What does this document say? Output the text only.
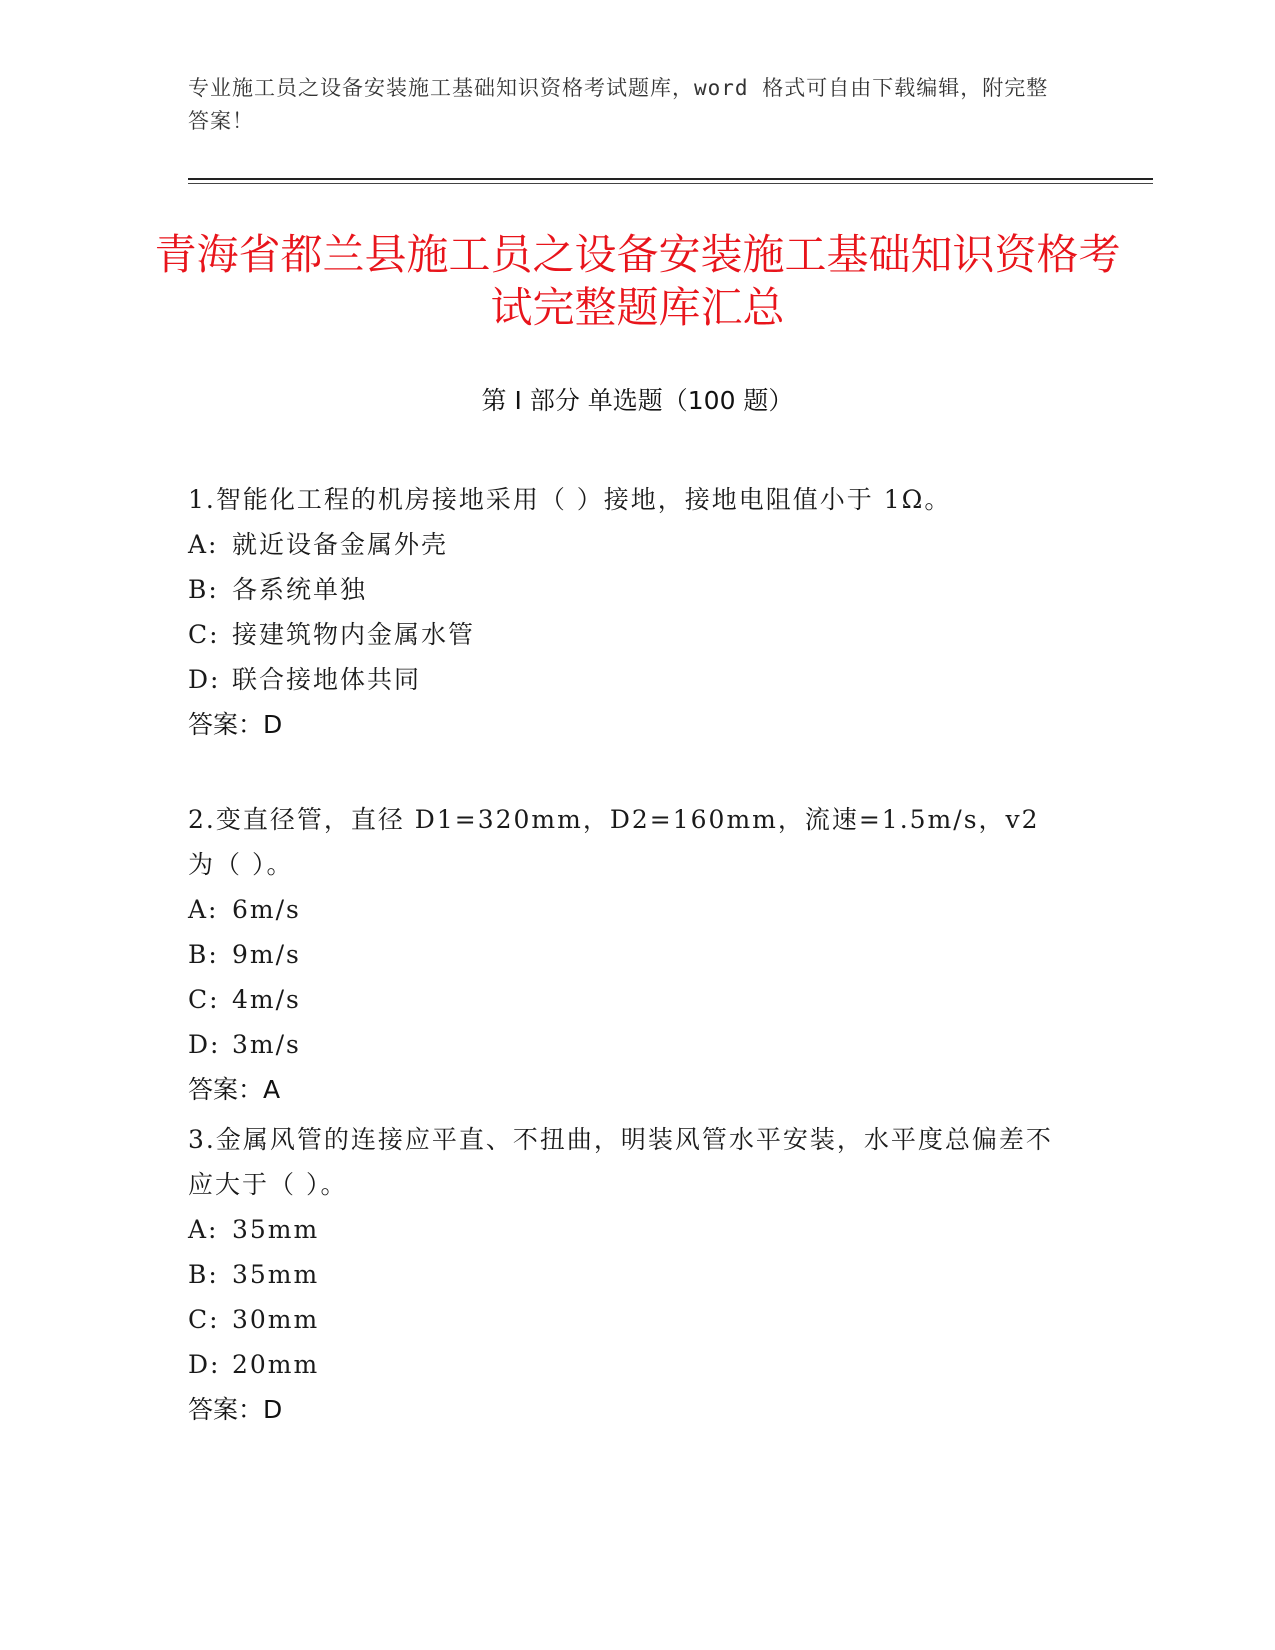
专业施工员之设备安装施工基础知识资格考试题库，word 格式可自由下载编辑，附完整答案！

青海省都兰县施工员之设备安装施工基础知识资格考试完整题库汇总
第 I 部分 单选题（100 题）

1.智能化工程的机房接地采用（ ）接地，接地电阻值小于 1Ω。

A: 就近设备金属外壳

B: 各系统单独

C: 接建筑物内金属水管

D: 联合接地体共同

答案：D

2.变直径管，直径 D1=320mm，D2=160mm，流速=1.5m/s，v2 为（ ）。

A: 6m/s

B: 9m/s

C: 4m/s

D: 3m/s

答案：A

3.金属风管的连接应平直、不扭曲，明装风管水平安装，水平度总偏差不应大于（ ）。

A: 35mm

B: 35mm

C: 30mm

D: 20mm

答案：D
